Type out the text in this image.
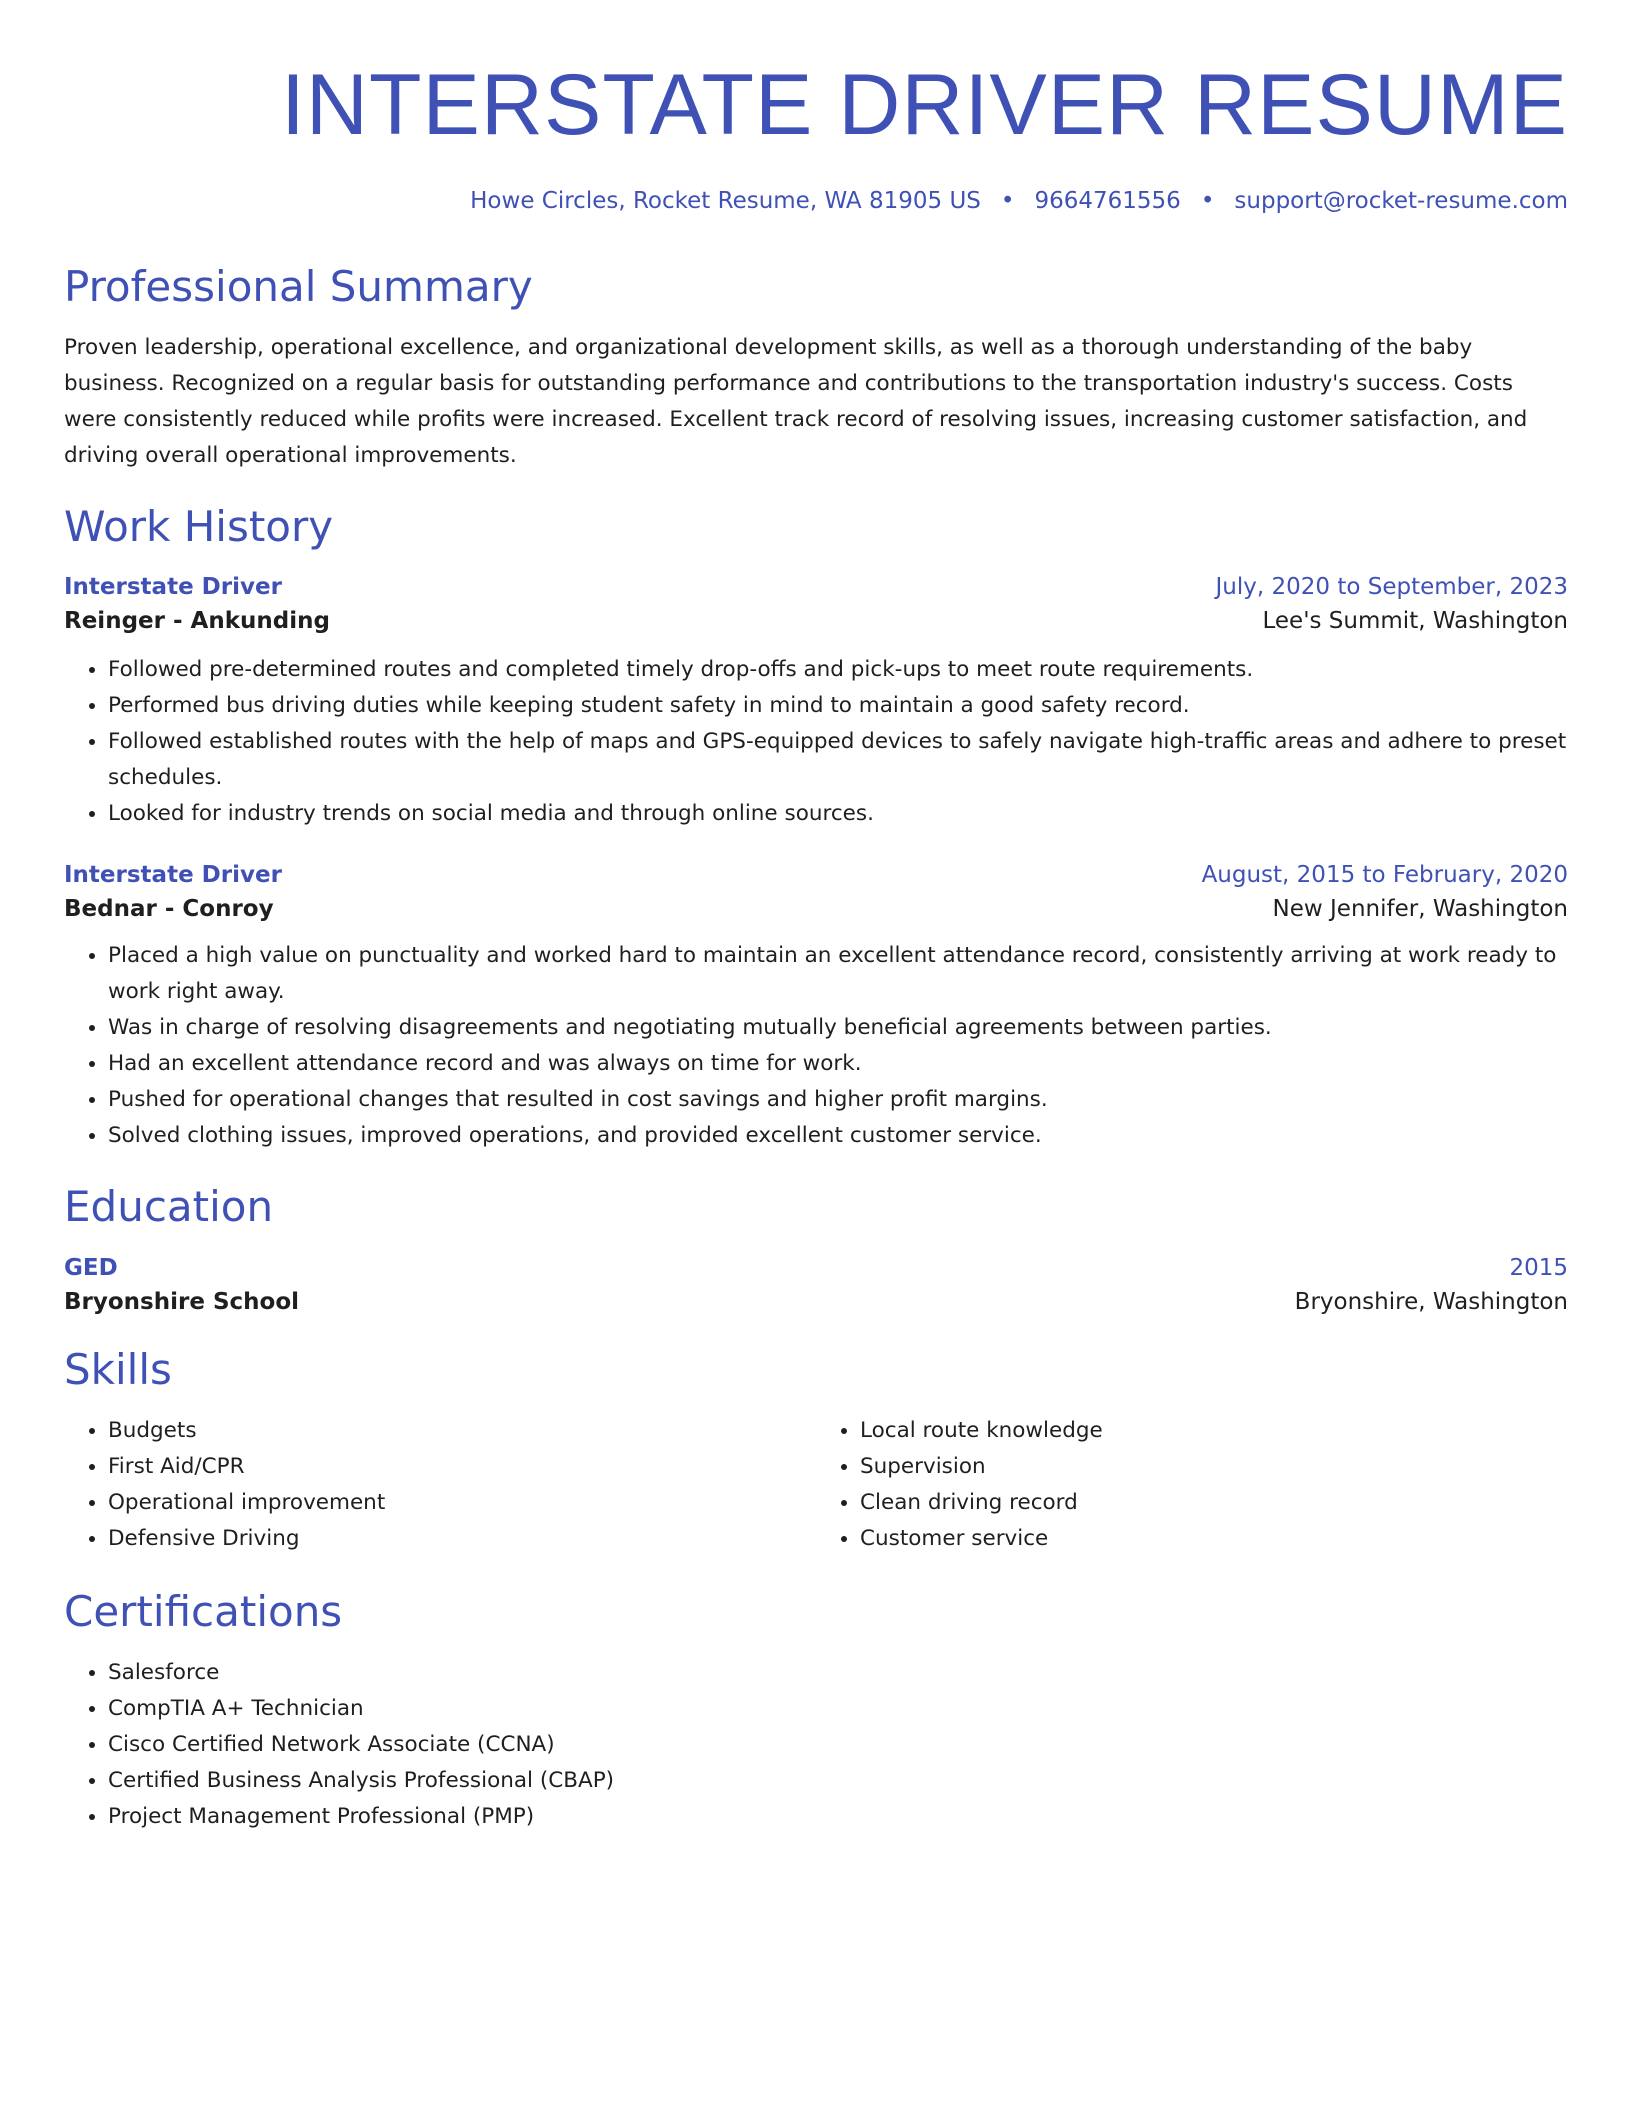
INTERSTATE DRIVER RESUME
Howe Circles, Rocket Resume, WA 81905 US • 9664761556 • support@rocket-resume.com
Professional Summary

Proven leadership, operational excellence, and organizational development skills, as well as a thorough understanding of the baby business. Recognized on a regular basis for outstanding performance and contributions to the transportation industry's success. Costs were consistently reduced while profits were increased. Excellent track record of resolving issues, increasing customer satisfaction, and driving overall operational improvements.

Work History
Interstate Driver	July, 2020 to September, 2023
Reinger - Ankunding	Lee's Summit, Washington
• Followed pre-determined routes and completed timely drop-offs and pick-ups to meet route requirements.
• Performed bus driving duties while keeping student safety in mind to maintain a good safety record.
• Followed established routes with the help of maps and GPS-equipped devices to safely navigate high-traffic areas and adhere to preset schedules.
• Looked for industry trends on social media and through online sources.
Interstate Driver	August, 2015 to February, 2020
Bednar - Conroy	New Jennifer, Washington
• Placed a high value on punctuality and worked hard to maintain an excellent attendance record, consistently arriving at work ready to work right away.
• Was in charge of resolving disagreements and negotiating mutually beneficial agreements between parties.
• Had an excellent attendance record and was always on time for work.
• Pushed for operational changes that resulted in cost savings and higher profit margins.
• Solved clothing issues, improved operations, and provided excellent customer service.
Education
GED	2015
Bryonshire School	Bryonshire, Washington
Skills
• Budgets
• First Aid/CPR
• Operational improvement
• Defensive Driving
• Local route knowledge
• Supervision
• Clean driving record
• Customer service
Certifications
• Salesforce
• CompTIA A+ Technician
• Cisco Certified Network Associate (CCNA)
• Certified Business Analysis Professional (CBAP)
• Project Management Professional (PMP)
